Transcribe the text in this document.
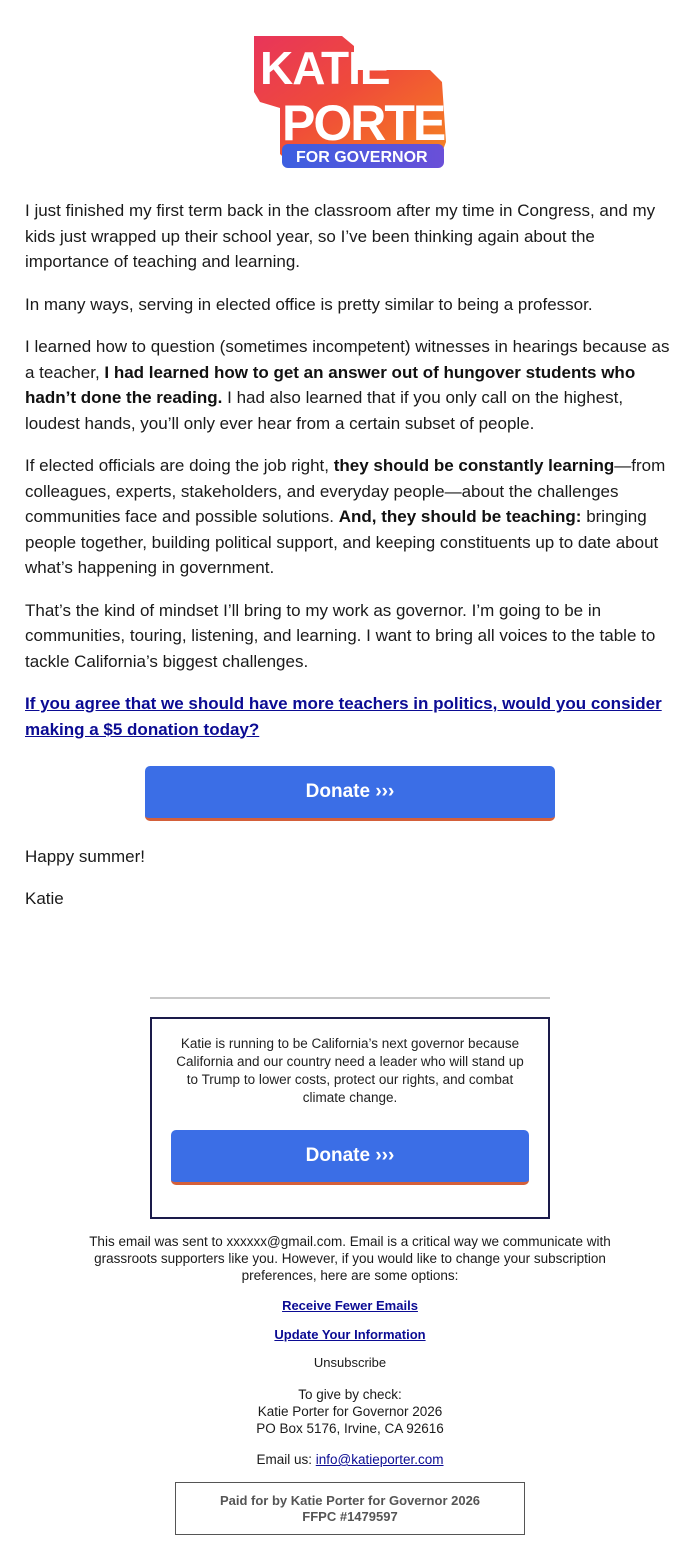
KATIE
PORTER
FOR GOVERNOR

I just finished my first term back in the classroom after my time in Congress, and my kids just wrapped up their school year, so I’ve been thinking again about the importance of teaching and learning.

In many ways, serving in elected office is pretty similar to being a professor.

I learned how to question (sometimes incompetent) witnesses in hearings because as a teacher, I had learned how to get an answer out of hungover students who hadn’t done the reading. I had also learned that if you only call on the highest, loudest hands, you’ll only ever hear from a certain subset of people.

If elected officials are doing the job right, they should be constantly learning—from colleagues, experts, stakeholders, and everyday people—about the challenges communities face and possible solutions. And, they should be teaching: bringing people together, building political support, and keeping constituents up to date about what’s happening in government.

That’s the kind of mindset I’ll bring to my work as governor. I’m going to be in communities, touring, listening, and learning. I want to bring all voices to the table to tackle California’s biggest challenges.

If you agree that we should have more teachers in politics, would you consider making a $5 donation today?

Donate ›››
Happy summer!
Katie
Katie is running to be California’s next governor because California and our country need a leader who will stand up to Trump to lower costs, protect our rights, and combat climate change.
Donate ›››
This email was sent to xxxxxx@gmail.com. Email is a critical way we communicate with grassroots supporters like you. However, if you would like to change your subscription preferences, here are some options:
Receive Fewer Emails
Update Your Information
Unsubscribe
To give by check:
Katie Porter for Governor 2026
PO Box 5176, Irvine, CA 92616
Email us: info@katieporter.com
Paid for by Katie Porter for Governor 2026
FFPC #1479597
